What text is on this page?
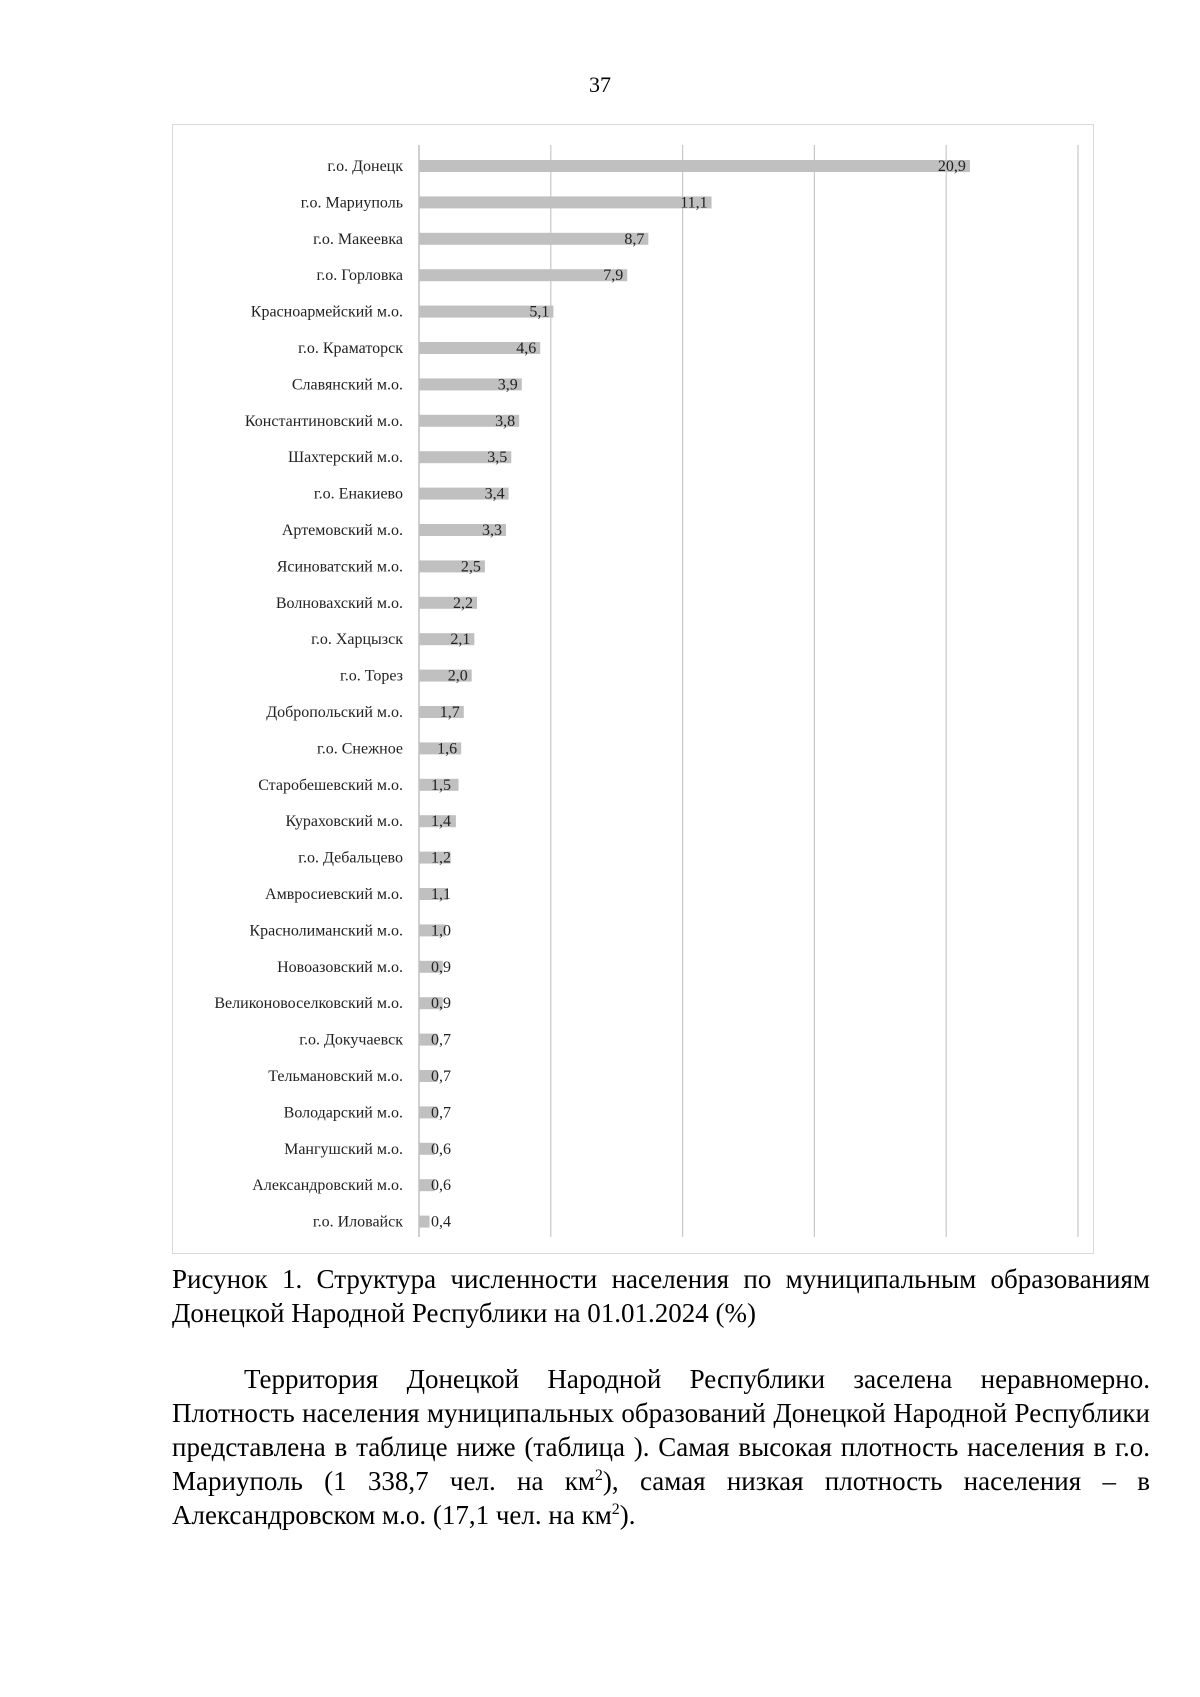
37
г.о. Донецк	20,9
г.о. Мариуполь	11,1
г.о. Макеевка	8,7
г.о. Горловка	7,9
Красноармейский м.о.	5,1
г.о. Краматорск	4,6
Славянский м.о.	3,9
Константиновский м.о.	3,8
Шахтерский м.о.	3,5
г.о. Енакиево	3,4
Артемовский м.о.	3,3
Ясиноватский м.о.	2,5
Волновахский м.о.	2,2
г.о. Харцызск	2,1
г.о. Торез	2,0
Добропольский м.о. 1,7
г.о. Снежное 1,6
Старобешевский м.о. 1,5
Кураховский м.о. 1,4
г.о. Дебальцево 1,2
Амвросиевский м.о. 1,1
Краснолиманский м.о. 1,0
Новоазовский м.о. 0,9
Великоновоселковский м.о. 0,9
г.о. Докучаевск 0,7
Тельмановский м.о. 0,7
Володарский м.о. 0,7
Мангушский м.о. 0,6
Александровский м.о. 0,6
г.о. Иловайск 0,4
Рисунок 1. Структура численности населения по муниципальным образованиям Донецкой Народной Республики на 01.01.2024 (%)
Территория Донецкой Народной Республики заселена неравномерно. Плотность населения муниципальных образований Донецкой Народной Республики представлена в таблице ниже (таблица ). Самая высокая плотность населения в г.о. Мариуполь (1 338,7 чел. на $км^2$), самая низкая плотность населения – в Александровском м.о. (17,1 чел. на $км^2$).
